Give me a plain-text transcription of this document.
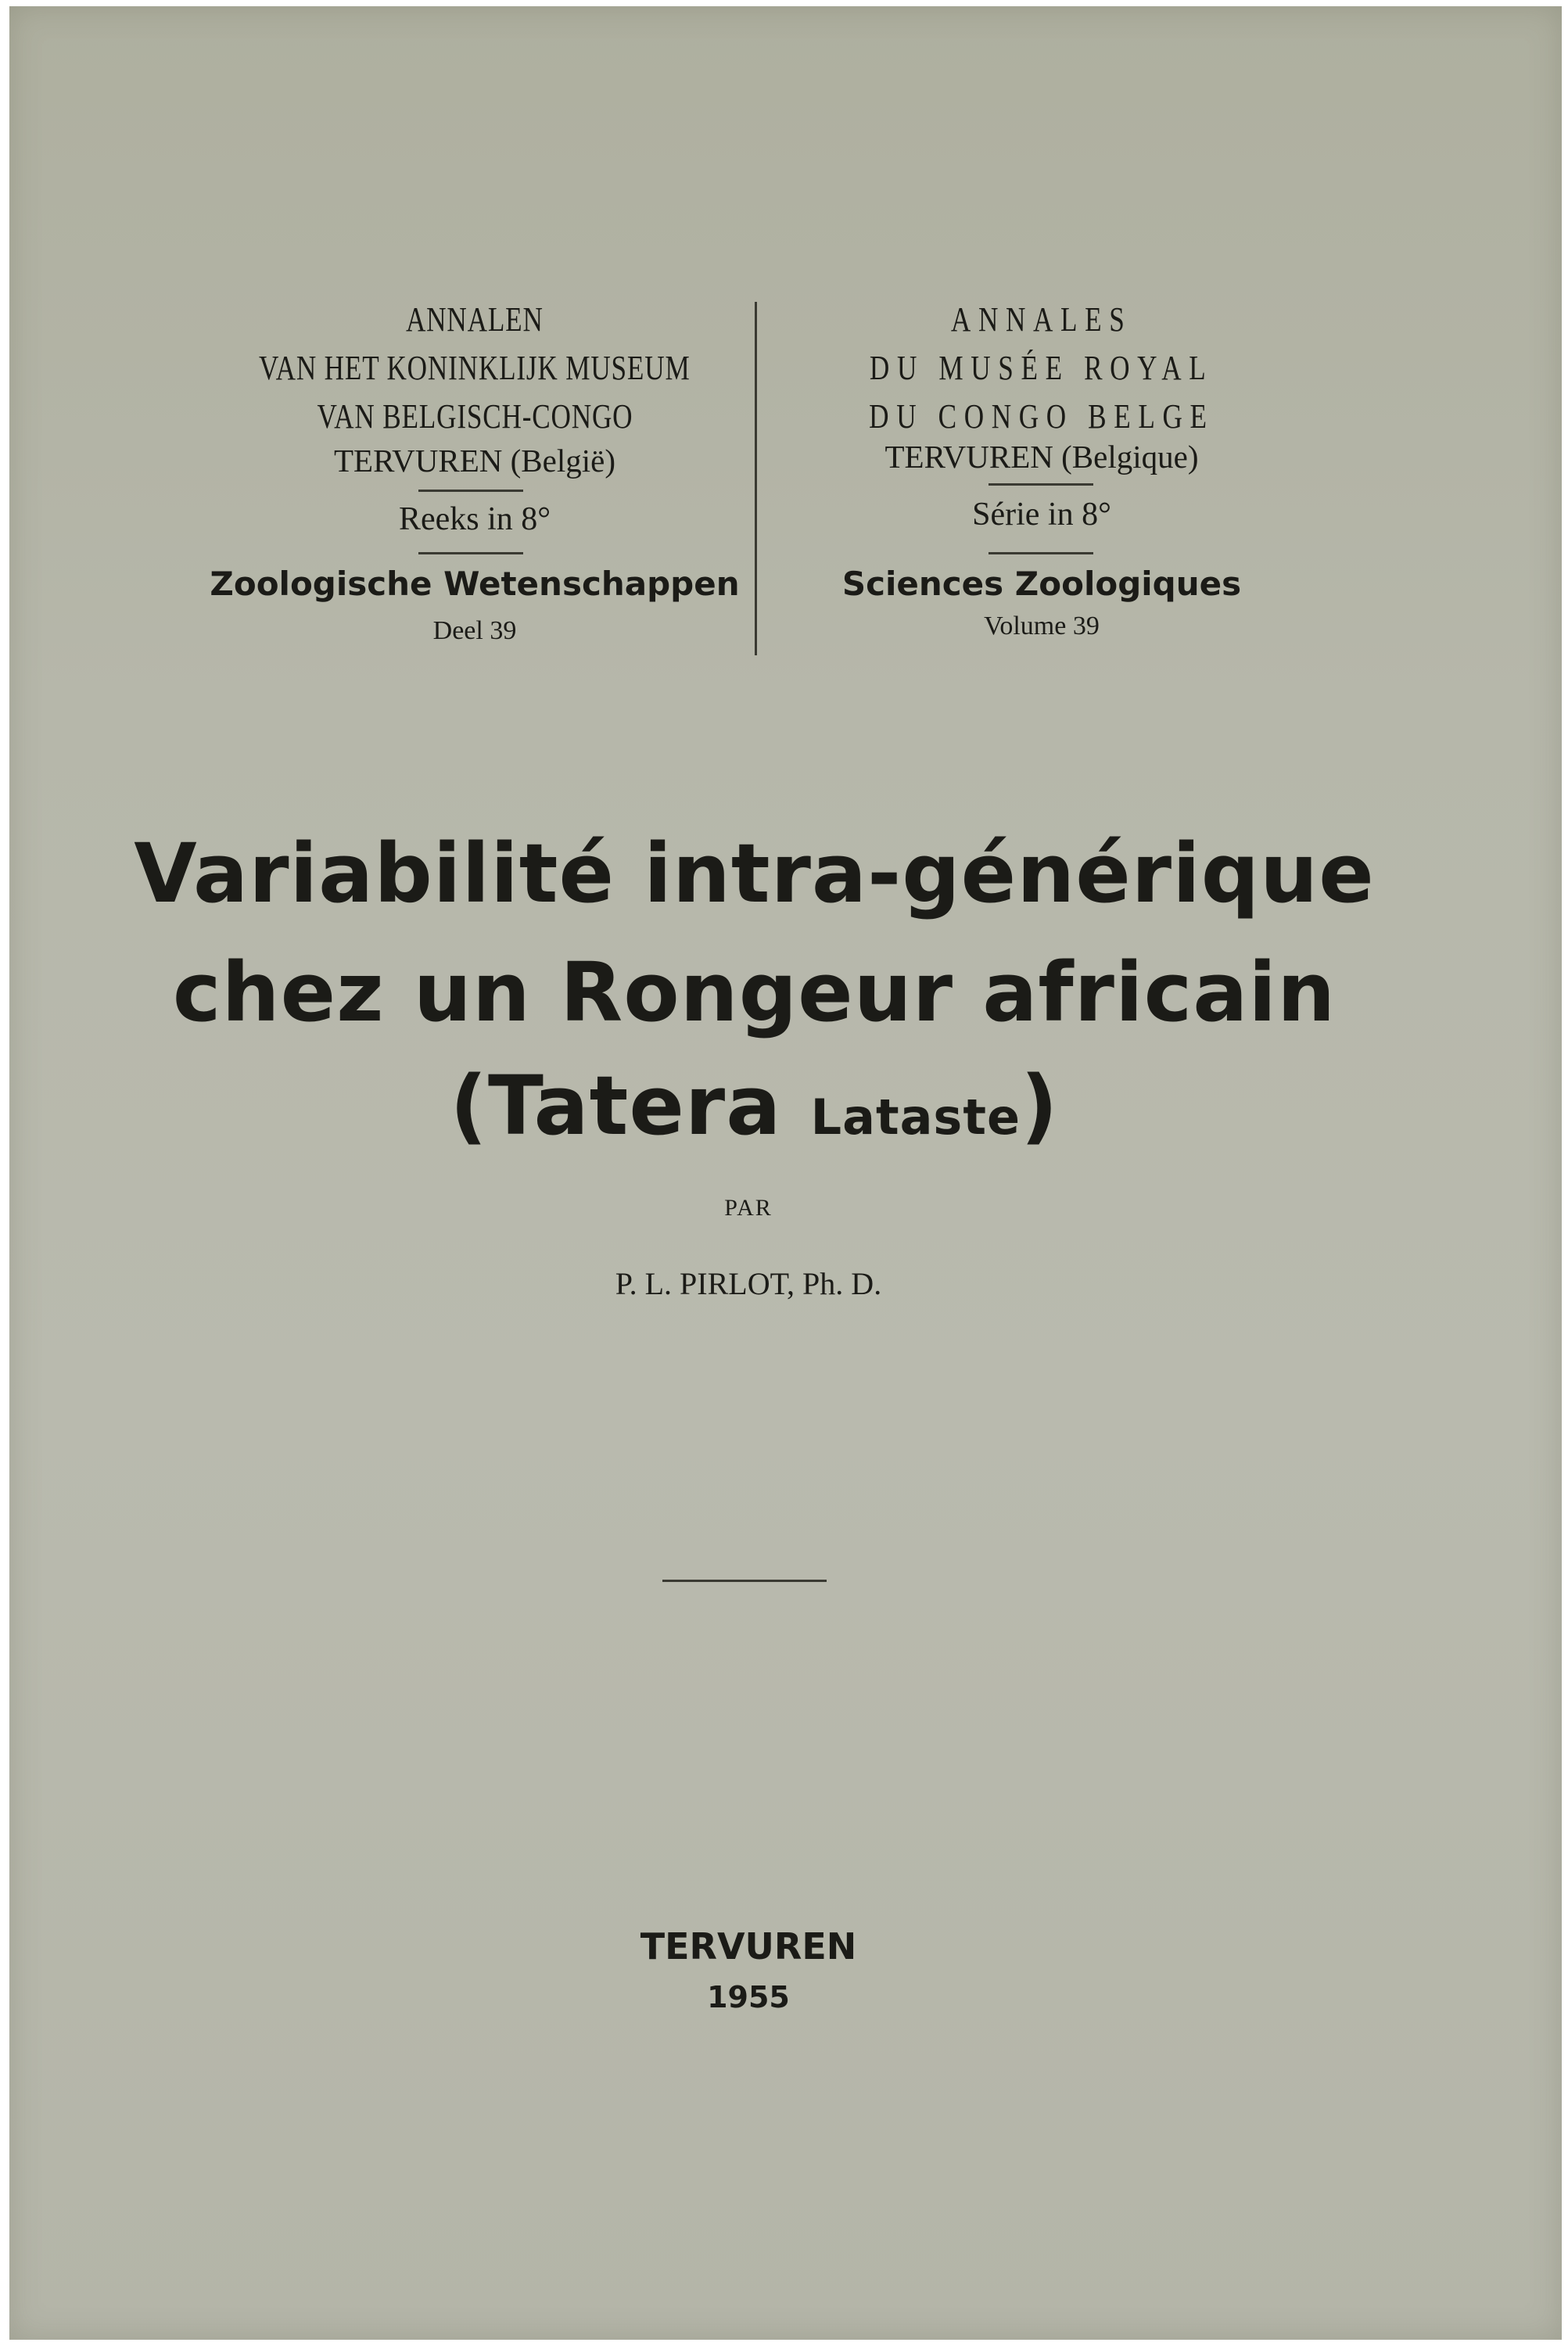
ANNALEN
VAN HET KONINKLIJK MUSEUM
VAN BELGISCH-CONGO
TERVUREN (België)
Reeks in 8°
Zoologische Wetenschappen
Deel 39
ANNALES
DU MUSÉE ROYAL
DU CONGO BELGE
TERVUREN (Belgique)
Série in 8°
Sciences Zoologiques
Volume 39
Variabilité intra-générique
chez un Rongeur africain
(Tatera Lataste)
PAR
P. L. PIRLOT, Ph. D.
TERVUREN
1955
